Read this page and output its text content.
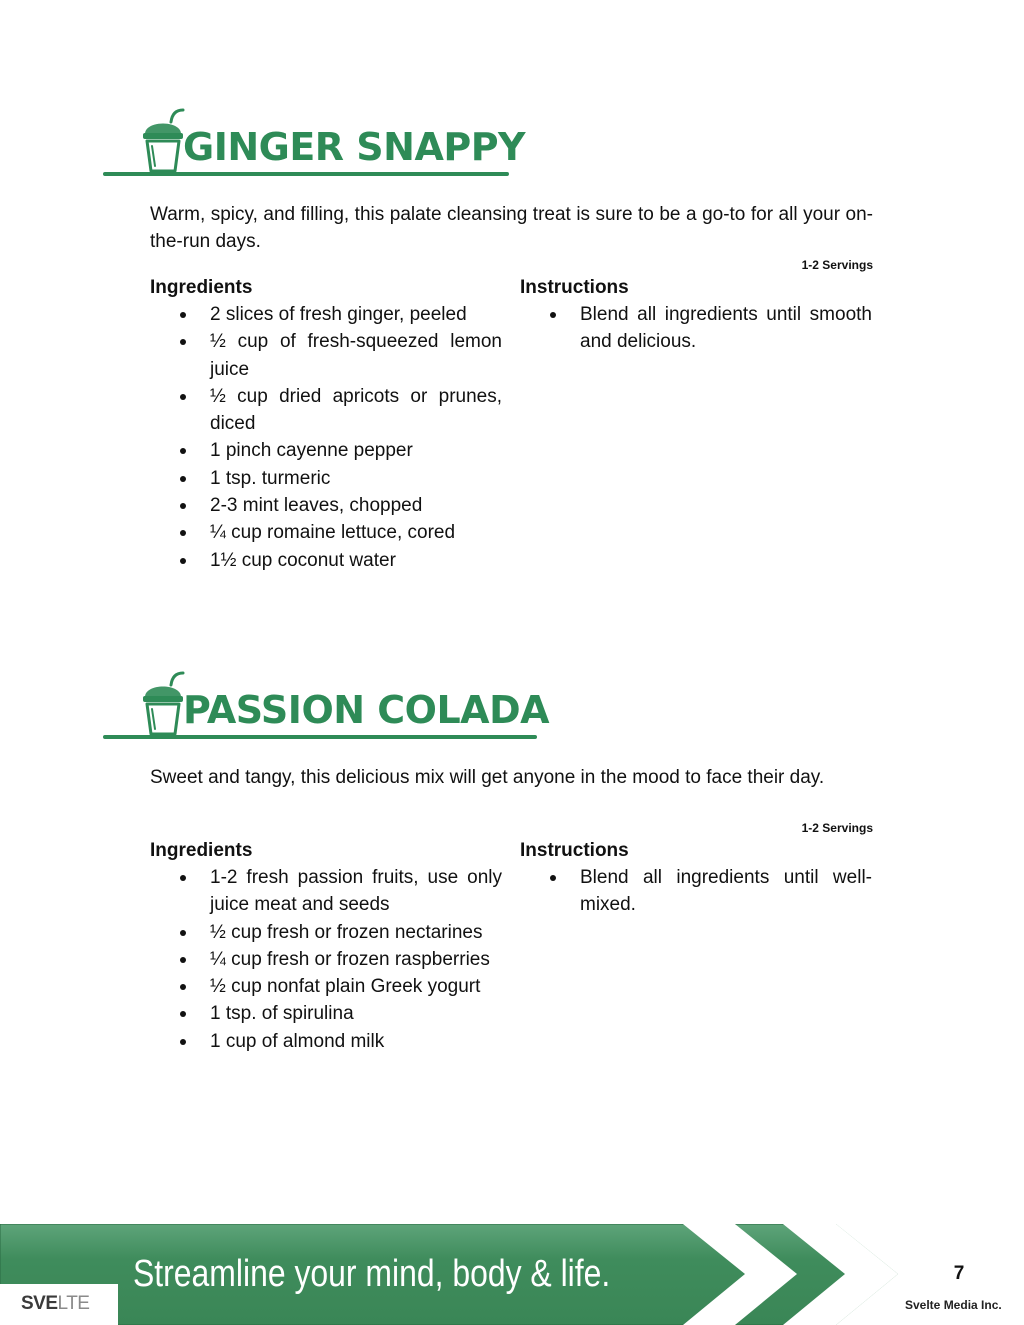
GINGER SNAPPY

Warm, spicy, and filling, this palate cleansing treat is sure to be a go-to for all your on-the-run days.

1-2 Servings
Ingredients
2 slices of fresh ginger, peeled
½ cup of fresh-squeezed lemon juice
½ cup dried apricots or prunes, diced
1 pinch cayenne pepper
1 tsp. turmeric
2-3 mint leaves, chopped
¼ cup romaine lettuce, cored
1½ cup coconut water
Instructions
Blend all ingredients until smooth and delicious.
PASSION COLADA

Sweet and tangy, this delicious mix will get anyone in the mood to face their day.

1-2 Servings
Ingredients
1-2 fresh passion fruits, use only juice meat and seeds
½ cup fresh or frozen nectarines
¼ cup fresh or frozen raspberries
½ cup nonfat plain Greek yogurt
1 tsp. of spirulina
1 cup of almond milk
Instructions
Blend all ingredients until well-mixed.
Streamline your mind, body & life.
SVELTE
7
Svelte Media Inc.
